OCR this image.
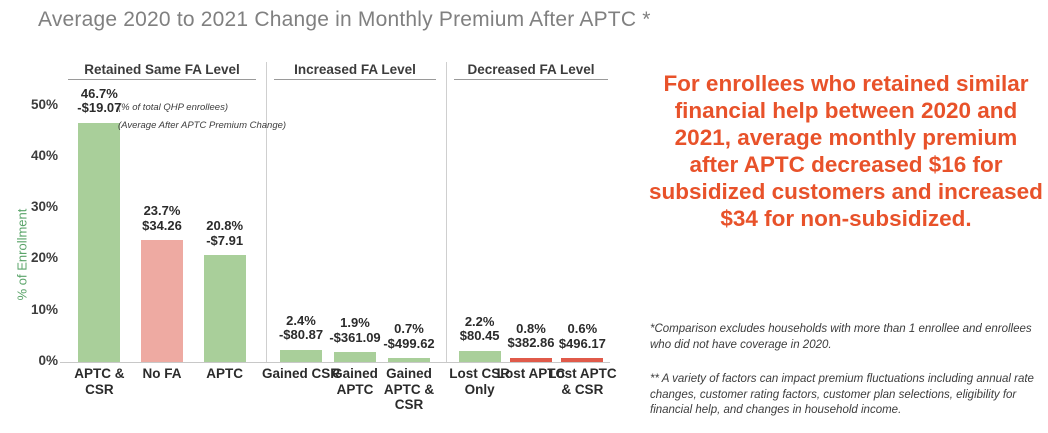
Average 2020 to 2021 Change in Monthly Premium After APTC *
% of Enrollment
0%
10%
20%
30%
40%
50%
Retained Same FA Level
46.7%
-$19.07
APTC & CSR
23.7%
$34.26
No FA
20.8%
-$7.91
APTC
Increased FA Level
2.4%
-$80.87
Gained CSR
1.9%
-$361.09
Gained APTC
0.7%
-$499.62
Gained APTC & CSR
Decreased FA Level
2.2%
$80.45
Lost CSR Only
0.8%
$382.86
Lost APTC
0.6%
$496.17
Lost APTC & CSR
(% of total QHP enrollees)
(Average After APTC Premium Change)
For enrollees who retained similar financial help between 2020 and 2021, average monthly premium after APTC decreased $16 for subsidized customers and increased $34 for non-subsidized.
*Comparison excludes households with more than 1 enrollee and enrollees who did not have coverage in 2020.
** A variety of factors can impact premium fluctuations including annual rate changes, customer rating factors, customer plan selections, eligibility for financial help, and changes in household income.
